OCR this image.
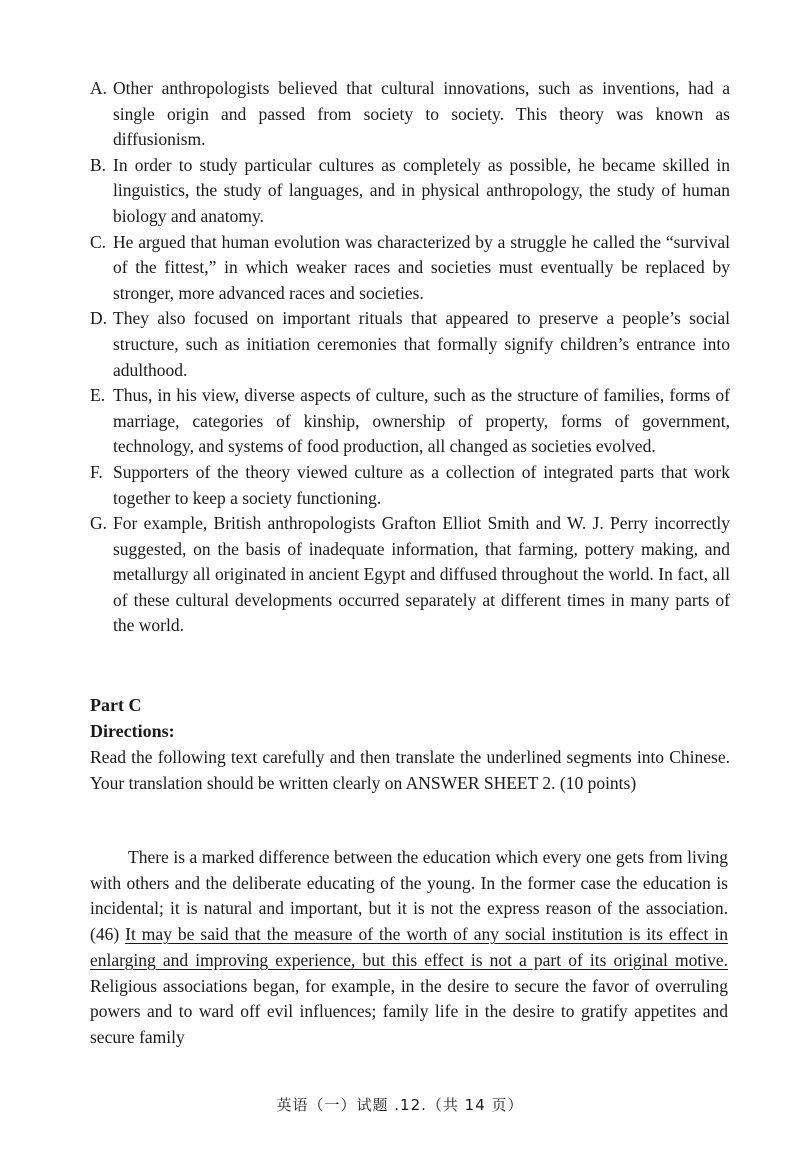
A. Other anthropologists believed that cultural innovations, such as inventions, had a single origin and passed from society to society. This theory was known as diffusionism.
B. In order to study particular cultures as completely as possible, he became skilled in linguistics, the study of languages, and in physical anthropology, the study of human biology and anatomy.
C. He argued that human evolution was characterized by a struggle he called the “survival of the fittest,” in which weaker races and societies must eventually be replaced by stronger, more advanced races and societies.
D. They also focused on important rituals that appeared to preserve a people’s social structure, such as initiation ceremonies that formally signify children’s entrance into adulthood.
E. Thus, in his view, diverse aspects of culture, such as the structure of families, forms of marriage, categories of kinship, ownership of property, forms of government, technology, and systems of food production, all changed as societies evolved.
F. Supporters of the theory viewed culture as a collection of integrated parts that work together to keep a society functioning.
G. For example, British anthropologists Grafton Elliot Smith and W. J. Perry incorrectly suggested, on the basis of inadequate information, that farming, pottery making, and metallurgy all originated in ancient Egypt and diffused throughout the world. In fact, all of these cultural developments occurred separately at different times in many parts of the world.
Part C
Directions:
Read the following text carefully and then translate the underlined segments into Chinese. Your translation should be written clearly on ANSWER SHEET 2. (10 points)
There is a marked difference between the education which every one gets from living with others and the deliberate educating of the young. In the former case the education is incidental; it is natural and important, but it is not the express reason of the association. (46) It may be said that the measure of the worth of any social institution is its effect in enlarging and improving experience, but this effect is not a part of its original motive. Religious associations began, for example, in the desire to secure the favor of overruling powers and to ward off evil influences; family life in the desire to gratify appetites and secure family
英语（一）试题 .12.（共 14 页）
